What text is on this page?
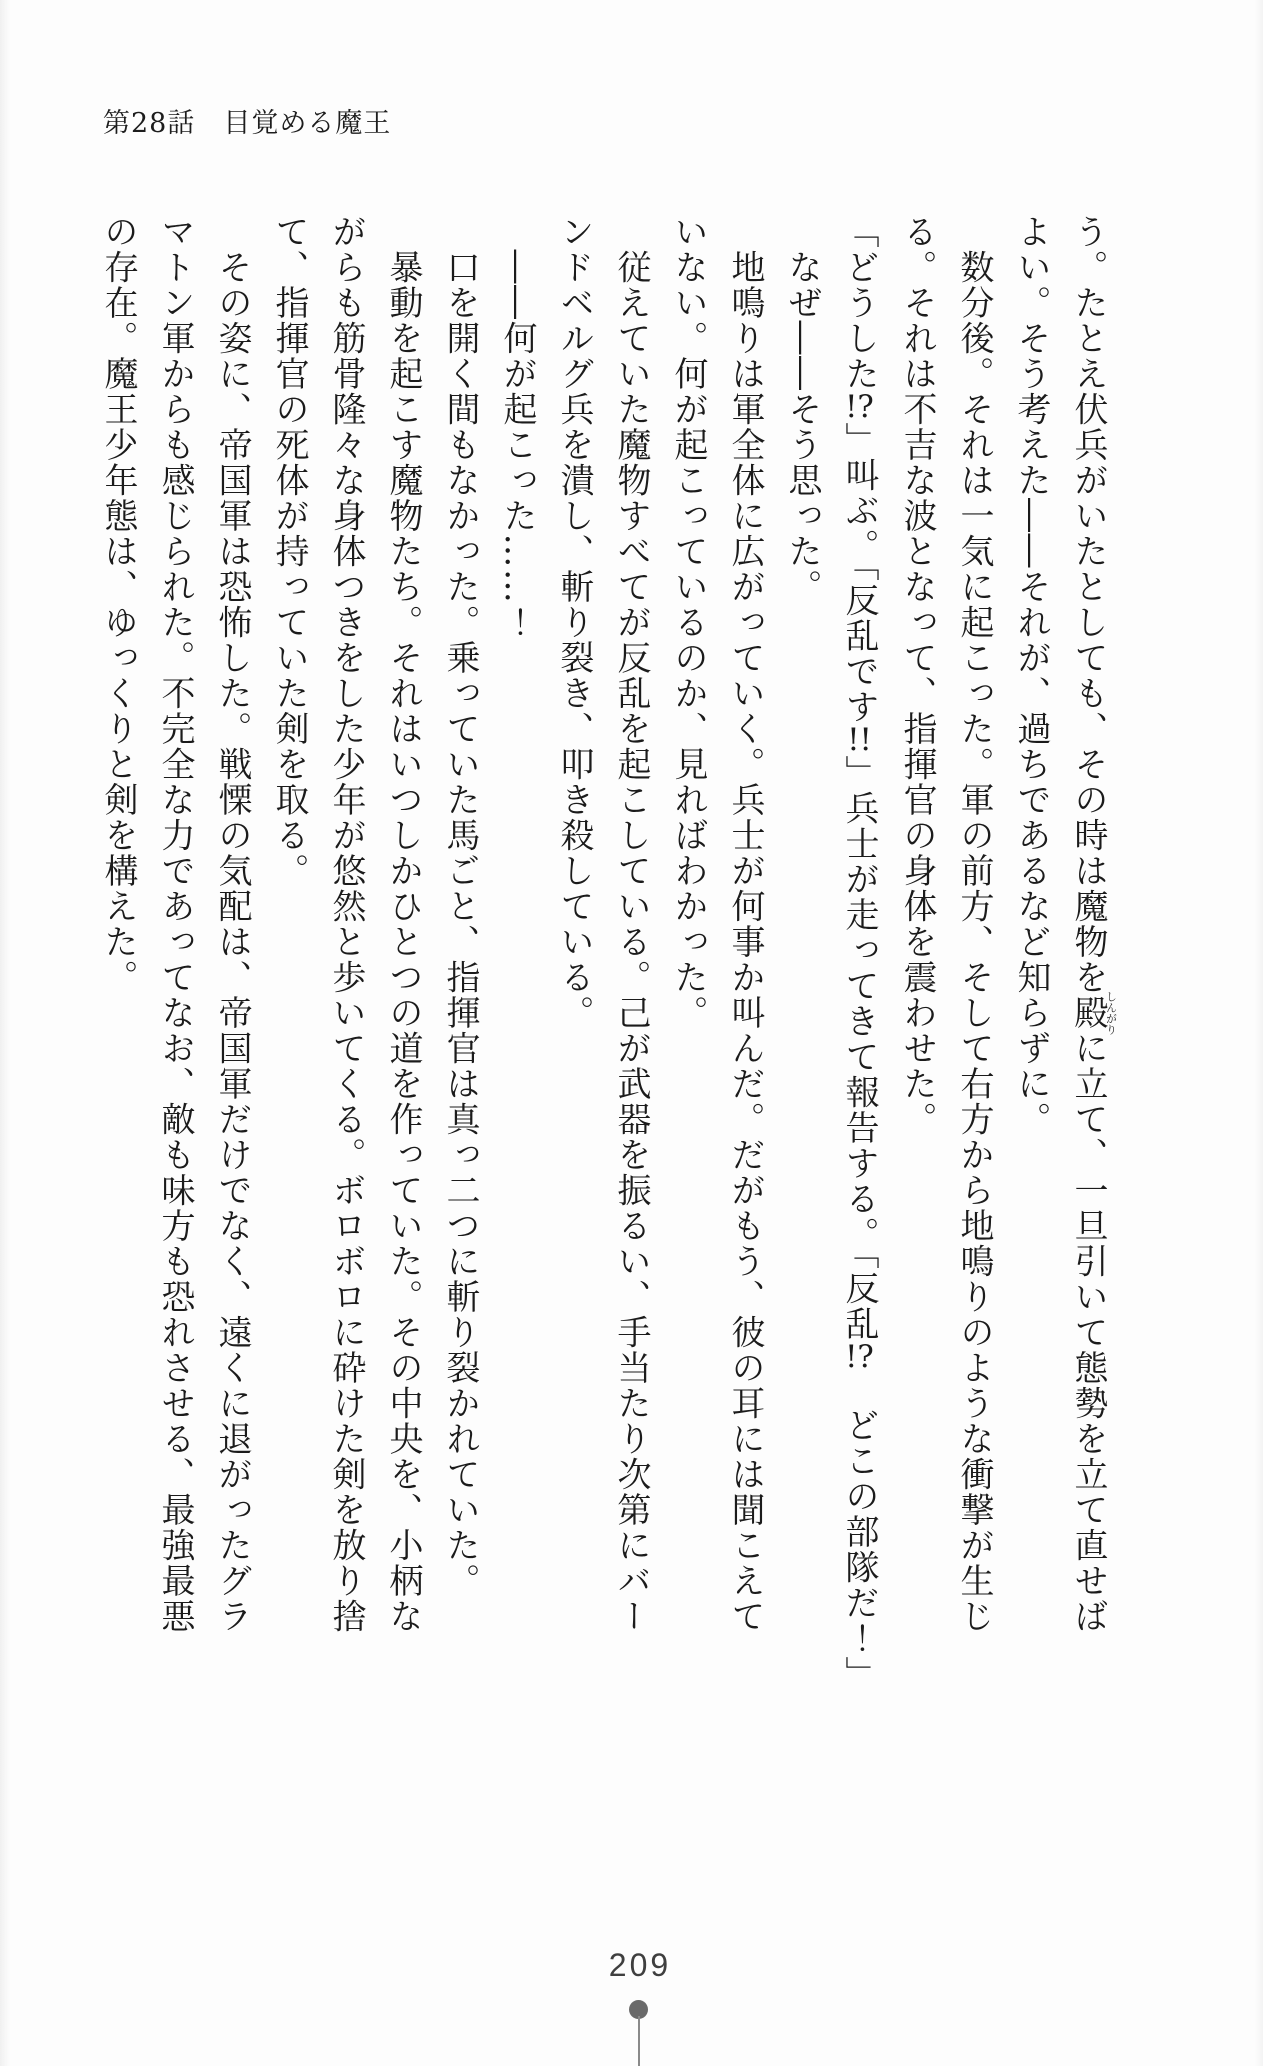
第28話　目覚める魔王

う。たとえ伏兵がいたとしても、その時は魔物を殿しんがりに立て、一旦引いて態勢を立て直せば

よい。そう考えた――それが、過ちであるなど知らずに。

　数分後。それは一気に起こった。軍の前方、そして右方から地鳴りのような衝撃が生じ

る。それは不吉な波となって、指揮官の身体を震わせた。

「どうした!?」叫ぶ。「反乱です!!」兵士が走ってきて報告する。「反乱!?　どこの部隊だ！」

　なぜ――そう思った。

　地鳴りは軍全体に広がっていく。兵士が何事か叫んだ。だがもう、彼の耳には聞こえて

いない。何が起こっているのか、見ればわかった。

　従えていた魔物すべてが反乱を起こしている。己が武器を振るい、手当たり次第にバー

ンドベルグ兵を潰し、斬り裂き、叩き殺している。

　――何が起こった……！

　口を開く間もなかった。乗っていた馬ごと、指揮官は真っ二つに斬り裂かれていた。

　暴動を起こす魔物たち。それはいつしかひとつの道を作っていた。その中央を、小柄な

がらも筋骨隆々な身体つきをした少年が悠然と歩いてくる。ボロボロに砕けた剣を放り捨

て、指揮官の死体が持っていた剣を取る。

　その姿に、帝国軍は恐怖した。戦慄の気配は、帝国軍だけでなく、遠くに退がったグラ

マトン軍からも感じられた。不完全な力であってなお、敵も味方も恐れさせる、最強最悪

の存在。魔王少年態は、ゆっくりと剣を構えた。

209
